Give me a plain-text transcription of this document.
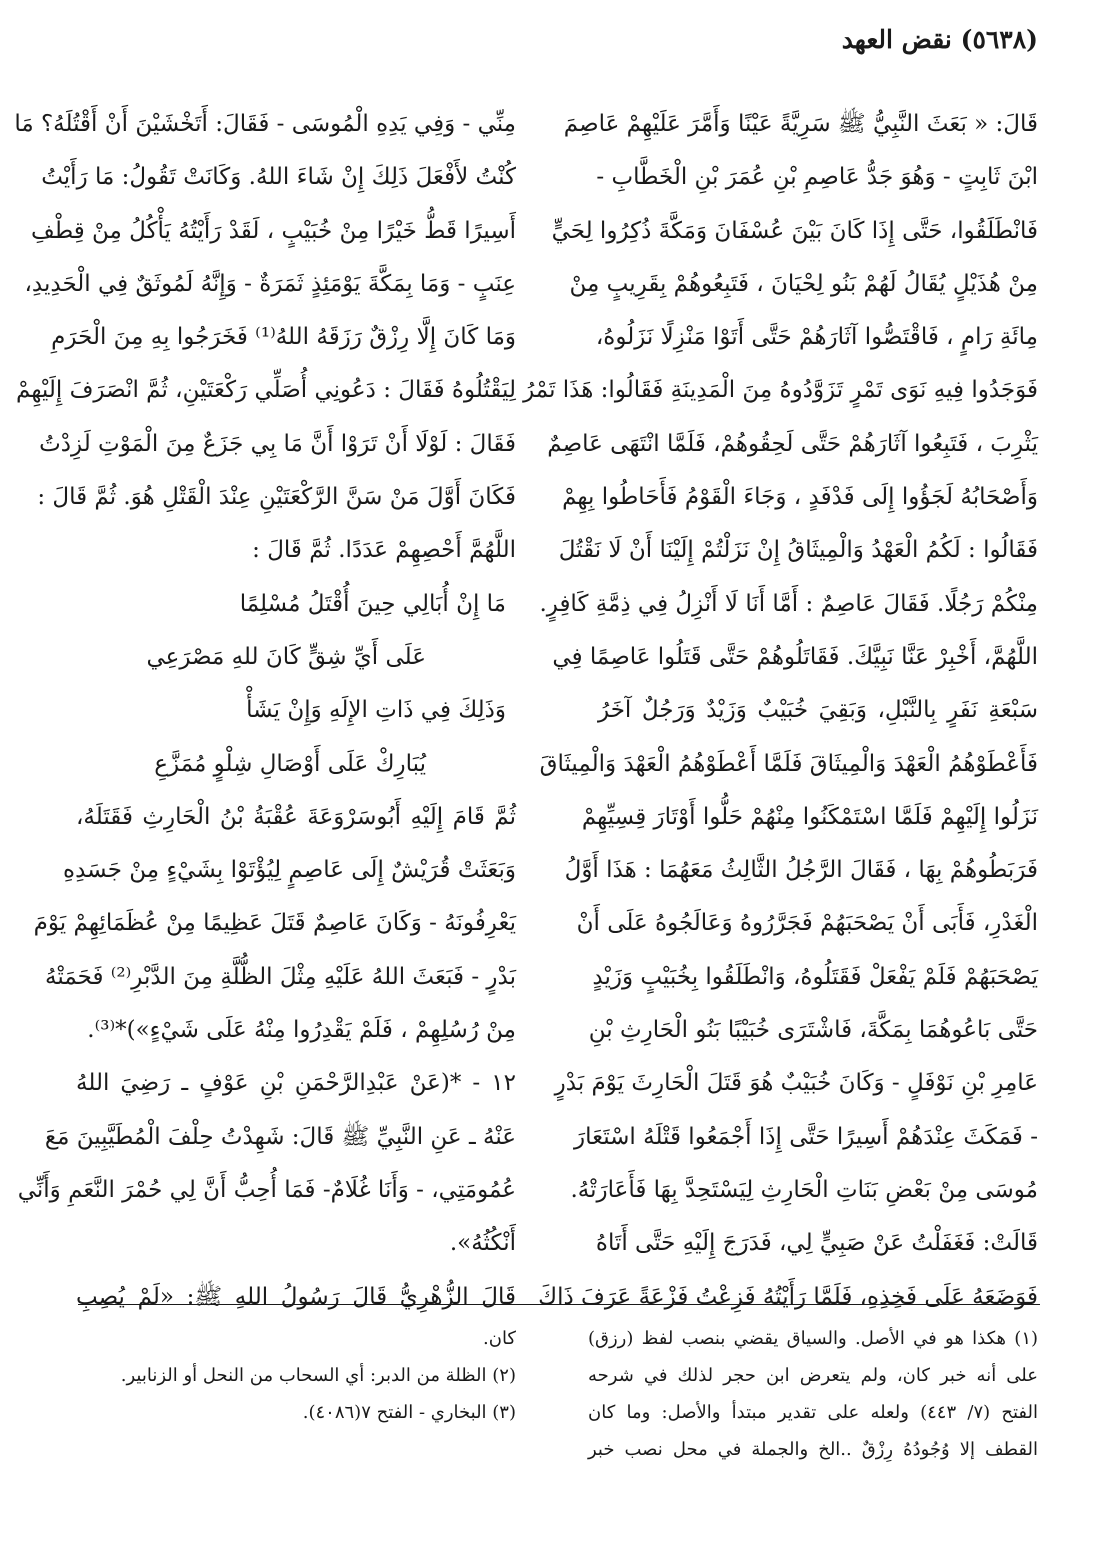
(٥٦٣٨) نقض العهد
قَالَ: « بَعَثَ النَّبِيُّ ﷺ سَرِيَّةً عَيْنًا وَأَمَّرَ عَلَيْهِمْ عَاصِمَ
ابْنَ ثَابِتٍ - وَهُوَ جَدُّ عَاصِمِ بْنِ عُمَرَ بْنِ الْخَطَّابِ -
فَانْطَلَقُوا، حَتَّى إِذَا كَانَ بَيْنَ عُسْفَانَ وَمَكَّةَ ذُكِرُوا لِحَيٍّ
مِنْ هُذَيْلٍ يُقَالُ لَهُمْ بَنُو لِحْيَانَ ، فَتَبِعُوهُمْ بِقَرِيبٍ مِنْ
مِائَةِ رَامٍ ، فَاقْتَصُّوا آثَارَهُمْ حَتَّى أَتَوْا مَنْزِلًا نَزَلُوهُ،
فَوَجَدُوا فِيهِ نَوَى تَمْرٍ تَزَوَّدُوهُ مِنَ الْمَدِينَةِ فَقَالُوا: هَذَا تَمْرُ
يَثْرِبَ ، فَتَبِعُوا آثَارَهُمْ حَتَّى لَحِقُوهُمْ، فَلَمَّا انْتَهَى عَاصِمٌ
وَأَصْحَابُهُ لَجَؤُوا إِلَى فَدْفَدٍ ، وَجَاءَ الْقَوْمُ فَأَحَاطُوا بِهِمْ
فَقَالُوا : لَكُمُ الْعَهْدُ وَالْمِيثَاقُ إِنْ نَزَلْتُمْ إِلَيْنَا أَنْ لَا نَقْتُلَ
مِنْكُمْ رَجُلًا. فَقَالَ عَاصِمٌ : أَمَّا أَنَا لَا أَنْزِلُ فِي ذِمَّةِ كَافِرٍ.
اللَّهُمَّ، أَخْبِرْ عَنَّا نَبِيَّكَ. فَقَاتَلُوهُمْ حَتَّى قَتَلُوا عَاصِمًا فِي
سَبْعَةِ نَفَرٍ بِالنَّبْلِ، وَبَقِيَ خُبَيْبٌ وَزَيْدٌ وَرَجُلٌ آخَرُ
فَأَعْطَوْهُمُ الْعَهْدَ وَالْمِيثَاقَ فَلَمَّا أَعْطَوْهُمُ الْعَهْدَ وَالْمِيثَاقَ
نَزَلُوا إِلَيْهِمْ فَلَمَّا اسْتَمْكَنُوا مِنْهُمْ حَلُّوا أَوْتَارَ قِسِيِّهِمْ
فَرَبَطُوهُمْ بِهَا ، فَقَالَ الرَّجُلُ الثَّالِثُ مَعَهُمَا : هَذَا أَوَّلُ
الْغَدْرِ، فَأَبَى أَنْ يَصْحَبَهُمْ فَجَرَّرُوهُ وَعَالَجُوهُ عَلَى أَنْ
يَصْحَبَهُمْ فَلَمْ يَفْعَلْ فَقَتَلُوهُ، وَانْطَلَقُوا بِخُبَيْبٍ وَزَيْدٍ
حَتَّى بَاعُوهُمَا بِمَكَّةَ، فَاشْتَرَى خُبَيْبًا بَنُو الْحَارِثِ بْنِ
عَامِرِ بْنِ نَوْفَلٍ - وَكَانَ خُبَيْبٌ هُوَ قَتَلَ الْحَارِثَ يَوْمَ بَدْرٍ
- فَمَكَثَ عِنْدَهُمْ أَسِيرًا حَتَّى إِذَا أَجْمَعُوا قَتْلَهُ اسْتَعَارَ
مُوسَى مِنْ بَعْضِ بَنَاتِ الْحَارِثِ لِيَسْتَحِدَّ بِهَا فَأَعَارَتْهُ.
قَالَتْ: فَغَفَلْتُ عَنْ صَبِيٍّ لِي، فَدَرَجَ إِلَيْهِ حَتَّى أَتَاهُ
فَوَضَعَهُ عَلَى فَخِذِهِ، فَلَمَّا رَأَيْتُهُ فَزِعْتُ فَزْعَةً عَرَفَ ذَاكَ
مِنِّي - وَفِي يَدِهِ الْمُوسَى - فَقَالَ: أَتَخْشَيْنَ أَنْ أَقْتُلَهُ؟ مَا
كُنْتُ لأَفْعَلَ ذَلِكَ إِنْ شَاءَ اللهُ. وَكَانَتْ تَقُولُ: مَا رَأَيْتُ
أَسِيرًا قَطُّ خَيْرًا مِنْ خُبَيْبٍ ، لَقَدْ رَأَيْتُهُ يَأْكُلُ مِنْ قِطْفِ
عِنَبٍ - وَمَا بِمَكَّةَ يَوْمَئِذٍ ثَمَرَةٌ - وَإِنَّهُ لَمُوثَقٌ فِي الْحَدِيدِ،
وَمَا كَانَ إِلَّا رِزْقٌ رَزَقَهُ اللهُ⁽¹⁾ فَخَرَجُوا بِهِ مِنَ الْحَرَمِ
لِيَقْتُلُوهُ فَقَالَ : دَعُونِي أُصَلِّي رَكْعَتَيْنِ، ثُمَّ انْصَرَفَ إِلَيْهِمْ
فَقَالَ : لَوْلَا أَنْ تَرَوْا أَنَّ مَا بِي جَزَعٌ مِنَ الْمَوْتِ لَزِدْتُ
فَكَانَ أَوَّلَ مَنْ سَنَّ الرَّكْعَتَيْنِ عِنْدَ الْقَتْلِ هُوَ. ثُمَّ قَالَ :
اللَّهُمَّ أَحْصِهِمْ عَدَدًا. ثُمَّ قَالَ :
مَا إِنْ أُبَالِي حِينَ أُقْتَلُ مُسْلِمًا
عَلَى أَيِّ شِقٍّ كَانَ للهِ مَصْرَعِي
وَذَلِكَ فِي ذَاتِ الإِلَهِ وَإِنْ يَشَأْ
يُبَارِكْ عَلَى أَوْصَالِ شِلْوٍ مُمَزَّعِ
ثُمَّ قَامَ إِلَيْهِ أَبُوسَرْوَعَةَ عُقْبَةُ بْنُ الْحَارِثِ فَقَتَلَهُ،
وَبَعَثَتْ قُرَيْشٌ إِلَى عَاصِمٍ لِيُؤْتَوْا بِشَيْءٍ مِنْ جَسَدِهِ
يَعْرِفُونَهُ - وَكَانَ عَاصِمٌ قَتَلَ عَظِيمًا مِنْ عُظَمَائِهِمْ يَوْمَ
بَدْرٍ - فَبَعَثَ اللهُ عَلَيْهِ مِثْلَ الظُّلَّةِ مِنَ الدَّبْرِ⁽²⁾ فَحَمَتْهُ
مِنْ رُسُلِهِمْ ، فَلَمْ يَقْدِرُوا مِنْهُ عَلَى شَيْءٍ»)*⁽³⁾.
١٢ - *(عَنْ عَبْدِالرَّحْمَنِ بْنِ عَوْفٍ ـ رَضِيَ اللهُ
عَنْهُ ـ عَنِ النَّبِيِّ ﷺ قَالَ: شَهِدْتُ حِلْفَ الْمُطَيَّبِينَ مَعَ
عُمُومَتِي، - وَأَنَا غُلَامٌ- فَمَا أُحِبُّ أَنَّ لِي حُمْرَ النَّعَمِ وَأَنِّي
أَنْكُثُهُ».
قَالَ الزُّهْرِيُّ قَالَ رَسُولُ اللهِ ﷺ: «لَمْ يُصِبِ
(١) هكذا هو في الأصل. والسياق يقضي بنصب لفظ (رزق)
على أنه خبر كان، ولم يتعرض ابن حجر لذلك في شرحه
الفتح (٧/ ٤٤٣) ولعله على تقدير مبتدأ والأصل: وما كان
القطف إلا وُجُودُهُ رِزْقٌ ..الخ والجملة في محل نصب خبر
كان.
(٢) الظلة من الدبر: أي السحاب من النحل أو الزنابير.
(٣) البخاري - الفتح ٧(٤٠٨٦).
